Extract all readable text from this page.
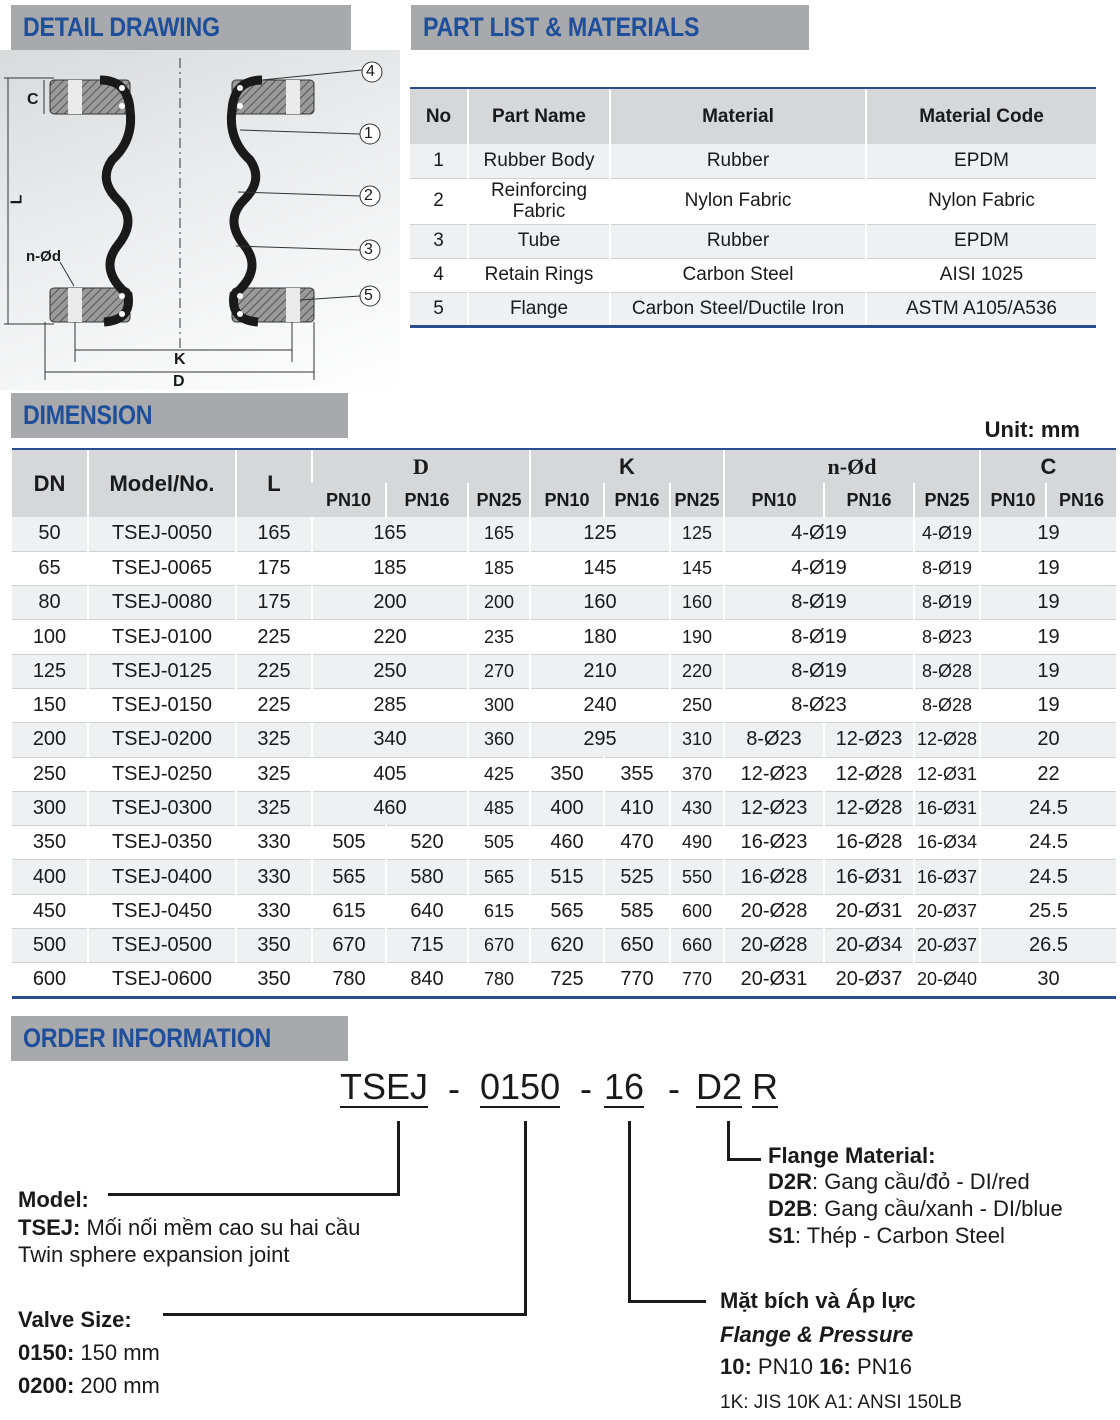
DETAIL DRAWING	PART LIST & MATERIALS
DIMENSION
ORDER INFORMATION
C
L
n-Ød
K
D
4
1
2
3
5
No	Part Name	Material	Material Code
1	Rubber Body	Rubber	EPDM
2	Reinforcing Fabric	Nylon Fabric	Nylon Fabric
3	Tube	Rubber	EPDM
4	Retain Rings	Carbon Steel	AISI 1025
5	Flange	Carbon Steel/Ductile Iron	ASTM A105/A536
Unit: mm
DN	Model/No.	L	D			K			n-Ød			C	
			PN10	PN16	PN25	PN10	PN16	PN25	PN10	PN16	PN25	PN10	PN16
50	TSEJ-0050	165	165		165	125		125	4-Ø19		4-Ø19	19	
65	TSEJ-0065	175	185		185	145		145	4-Ø19		8-Ø19	19	
80	TSEJ-0080	175	200		200	160		160	8-Ø19		8-Ø19	19	
100	TSEJ-0100	225	220		235	180		190	8-Ø19		8-Ø23	19	
125	TSEJ-0125	225	250		270	210		220	8-Ø19		8-Ø28	19	
150	TSEJ-0150	225	285		300	240		250	8-Ø23		8-Ø28	19	
200	TSEJ-0200	325	340		360	295		310	8-Ø23	12-Ø23	12-Ø28	20	
250	TSEJ-0250	325	405		425	350	355	370	12-Ø23	12-Ø28	12-Ø31	22	
300	TSEJ-0300	325	460		485	400	410	430	12-Ø23	12-Ø28	16-Ø31	24.5	
350	TSEJ-0350	330	505	520	505	460	470	490	16-Ø23	16-Ø28	16-Ø34	24.5	
400	TSEJ-0400	330	565	580	565	515	525	550	16-Ø28	16-Ø31	16-Ø37	24.5	
450	TSEJ-0450	330	615	640	615	565	585	600	20-Ø28	20-Ø31	20-Ø37	25.5	
500	TSEJ-0500	350	670	715	670	620	650	660	20-Ø28	20-Ø34	20-Ø37	26.5	
600	TSEJ-0600	350	780	840	780	725	770	770	20-Ø31	20-Ø37	20-Ø40	30	
TSEJ - 0150 - 16 - D2 R
Model:
TSEJ: Mối nối mềm cao su hai cầu
Twin sphere expansion joint
Valve Size:
0150: 150 mm
0200: 200 mm
Mặt bích và Áp lực
Flange & Pressure
10: PN10 16: PN16
1K: JIS 10K A1: ANSI 150LB
Flange Material:
D2R: Gang cầu/đỏ - DI/red
D2B: Gang cầu/xanh - DI/blue
S1: Thép - Carbon Steel
